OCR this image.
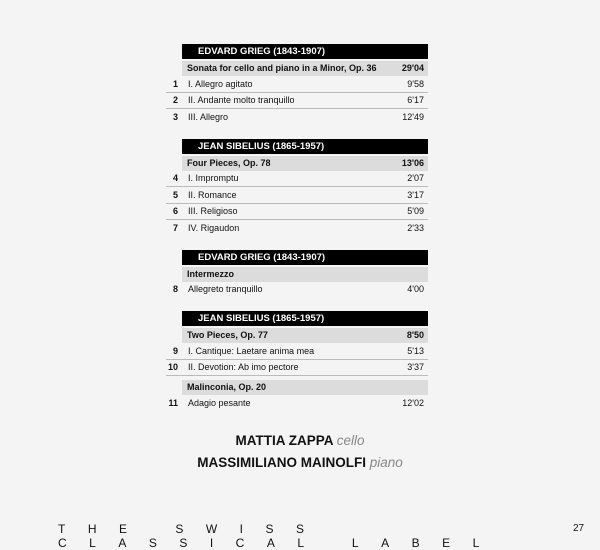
EDVARD GRIEG (1843-1907)
Sonata for cello and piano in a Minor, Op. 36	29'04
1 I. Allegro agitato	9'58
2 II. Andante molto tranquillo	6'17
3 III. Allegro	12'49
JEAN SIBELIUS (1865-1957)
Four Pieces, Op. 78	13'06
4 I. Impromptu	2'07
5 II. Romance	3'17
6 III. Religioso	5'09
7 IV. Rigaudon	2'33
EDVARD GRIEG (1843-1907)
Intermezzo
8 Allegreto tranquillo	4'00
JEAN SIBELIUS (1865-1957)
Two Pieces, Op. 77	8'50
9 I. Cantique: Laetare anima mea	5'13
10 II. Devotion: Ab imo pectore	3'37
Malinconia, Op. 20
11 Adagio pesante	12'02
MATTIA ZAPPA cello
MASSIMILIANO MAINOLFI piano
THE SWISS CLASSICAL LABEL
27
